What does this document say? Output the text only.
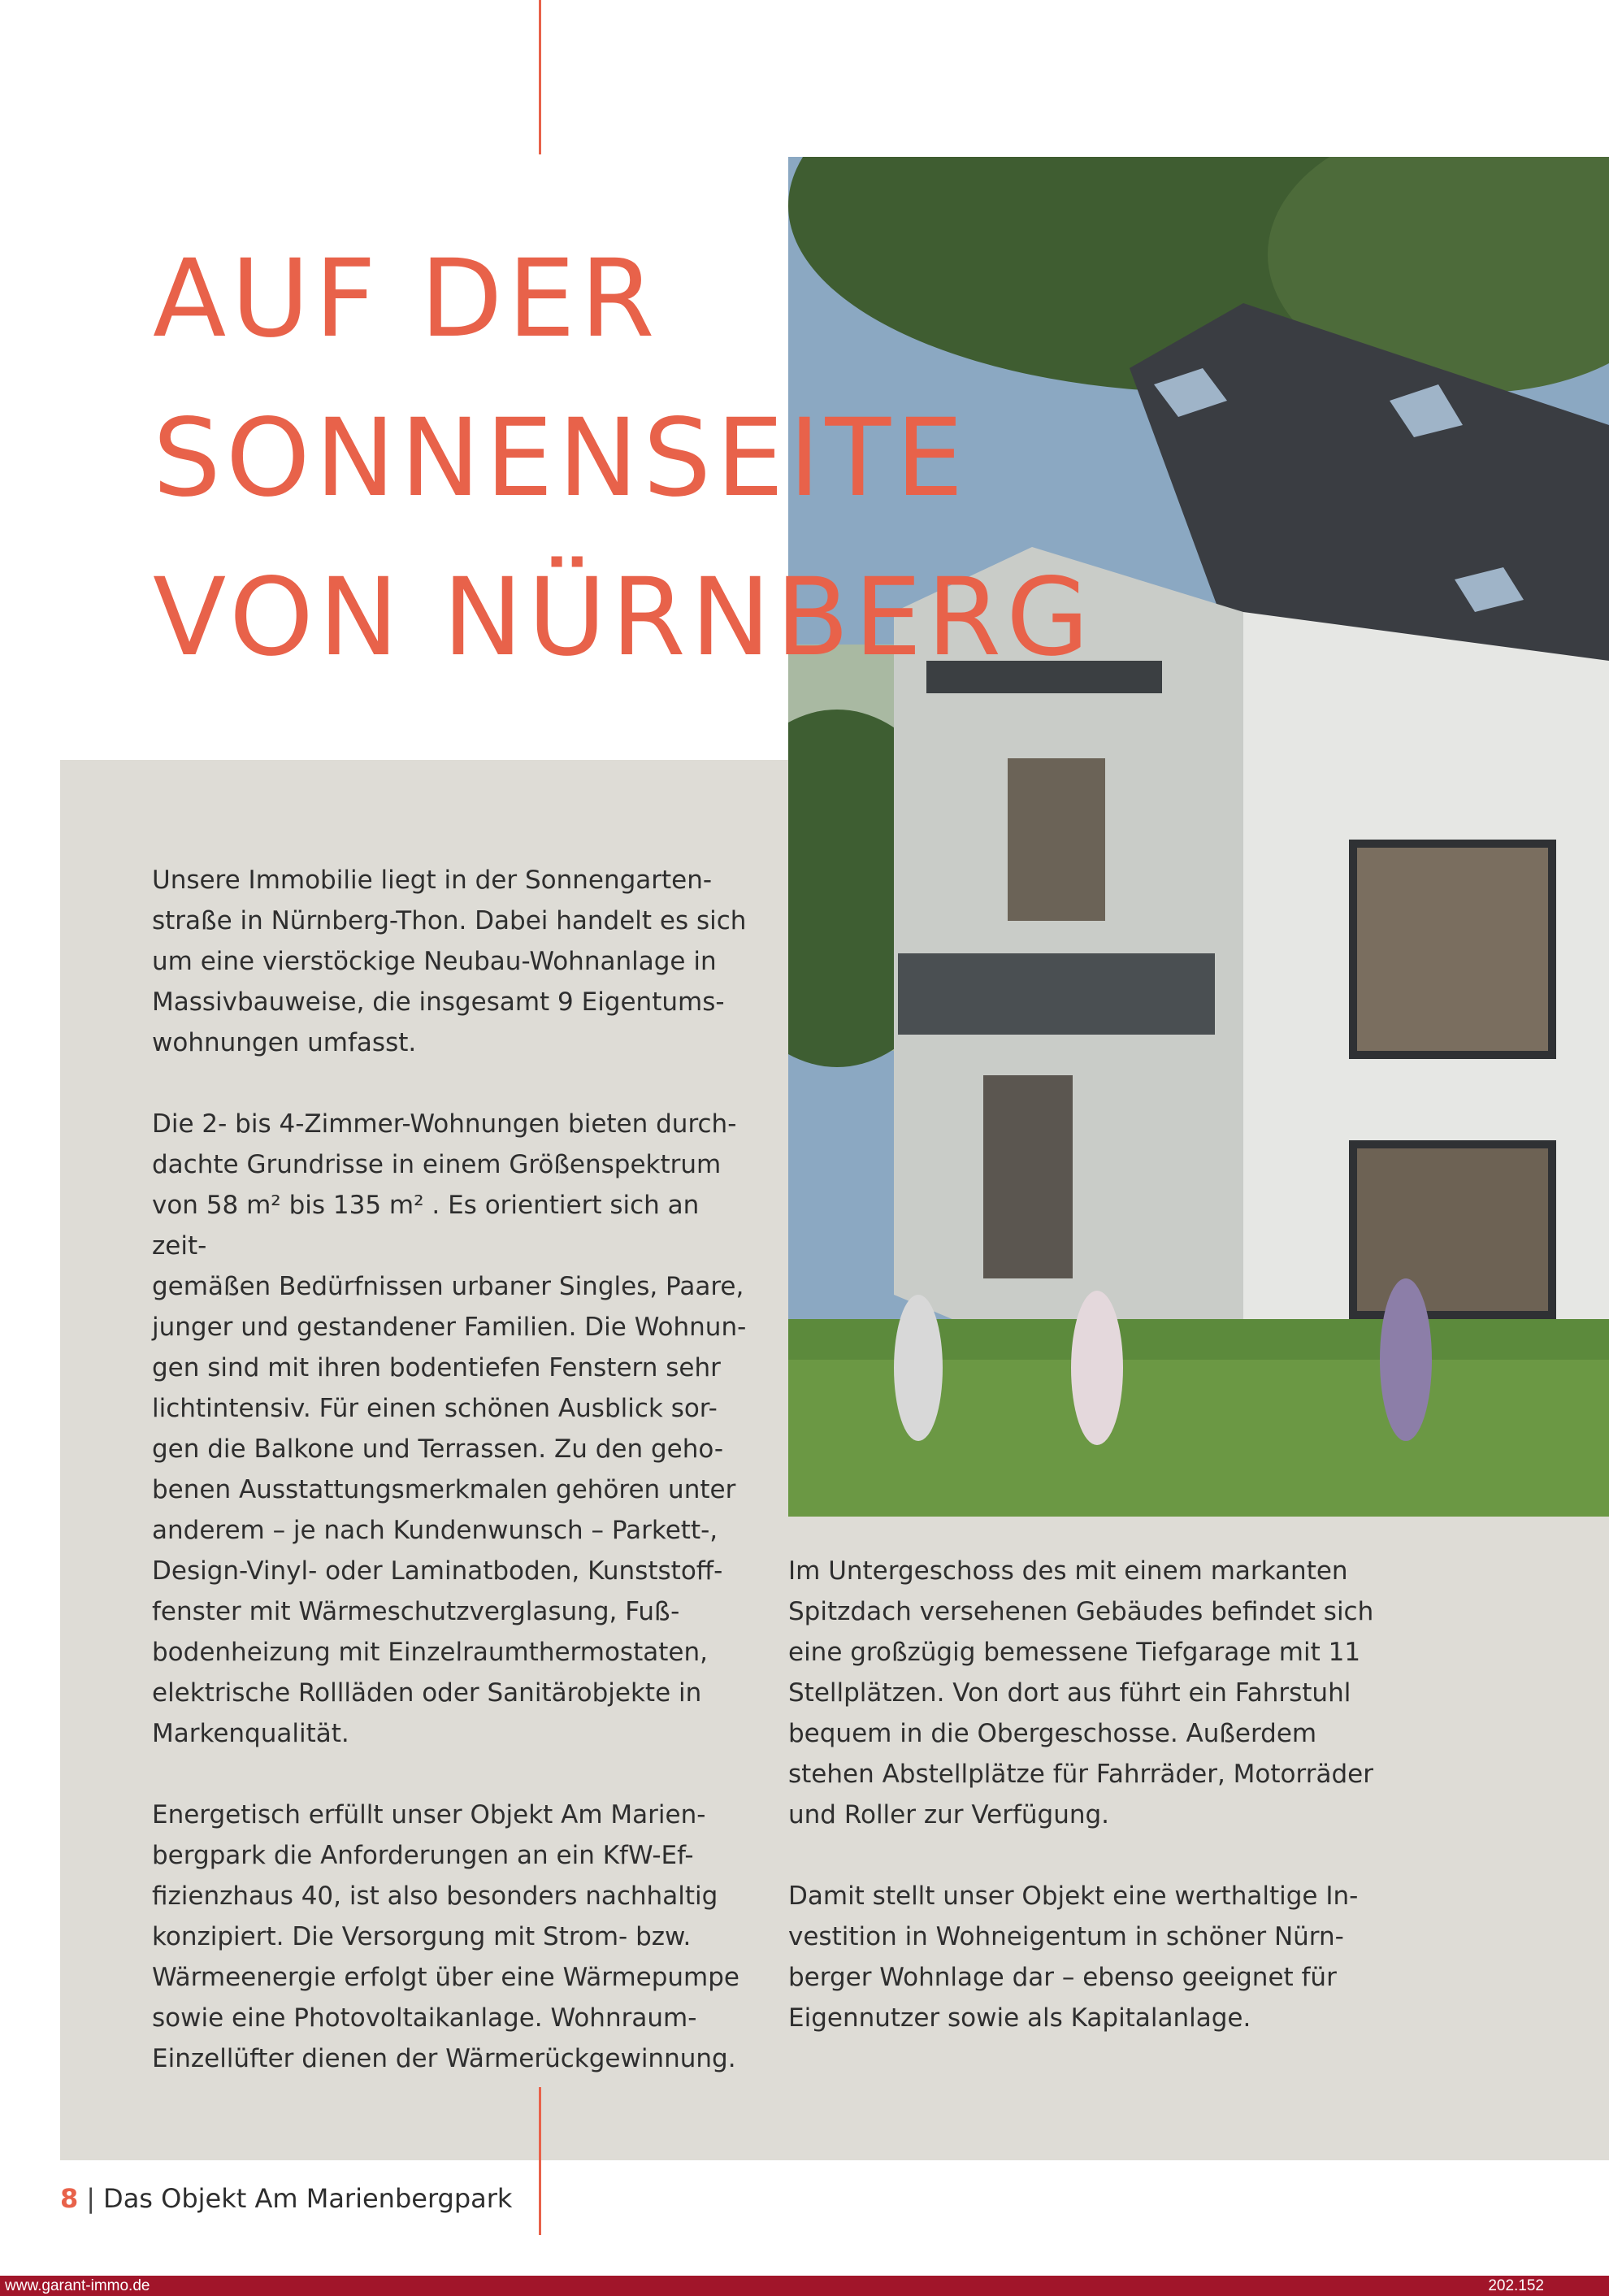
AUF DER
SONNENSEITE
VON NÜRNBERG

Unsere Immobilie liegt in der Sonnengarten-
straße in Nürnberg-Thon. Dabei handelt es sich
um eine vierstöckige Neubau-Wohnanlage in
Massivbauweise, die insgesamt 9 Eigentums-
wohnungen umfasst.

Die 2- bis 4-Zimmer-Wohnungen bieten durch-
dachte Grundrisse in einem Größenspektrum
von 58 m² bis 135 m² . Es orientiert sich an zeit-
gemäßen Bedürfnissen urbaner Singles, Paare,
junger und gestandener Familien. Die Wohnun-
gen sind mit ihren bodentiefen Fenstern sehr
lichtintensiv. Für einen schönen Ausblick sor-
gen die Balkone und Terrassen. Zu den geho-
benen Ausstattungsmerkmalen gehören unter
anderem – je nach Kundenwunsch – Parkett-,
Design-Vinyl- oder Laminatboden, Kunststoff-
fenster mit Wärmeschutzverglasung, Fuß-
bodenheizung mit Einzelraumthermostaten,
elektrische Rollläden oder Sanitärobjekte in
Markenqualität.

Energetisch erfüllt unser Objekt Am Marien-
bergpark die Anforderungen an ein KfW-Ef-
fizienzhaus 40, ist also besonders nachhaltig
konzipiert. Die Versorgung mit Strom- bzw.
Wärmeenergie erfolgt über eine Wärmepumpe
sowie eine Photovoltaikanlage. Wohnraum-
Einzellüfter dienen der Wärmerückgewinnung.

Im Untergeschoss des mit einem markanten
Spitzdach versehenen Gebäudes befindet sich
eine großzügig bemessene Tiefgarage mit 11
Stellplätzen. Von dort aus führt ein Fahrstuhl
bequem in die Obergeschosse. Außerdem
stehen Abstellplätze für Fahrräder, Motorräder
und Roller zur Verfügung.

Damit stellt unser Objekt eine werthaltige In-
vestition in Wohneigentum in schöner Nürn-
berger Wohnlage dar – ebenso geeignet für
Eigennutzer sowie als Kapitalanlage.

8 | Das Objekt Am Marienbergpark
www.garant-immo.de	202.152
